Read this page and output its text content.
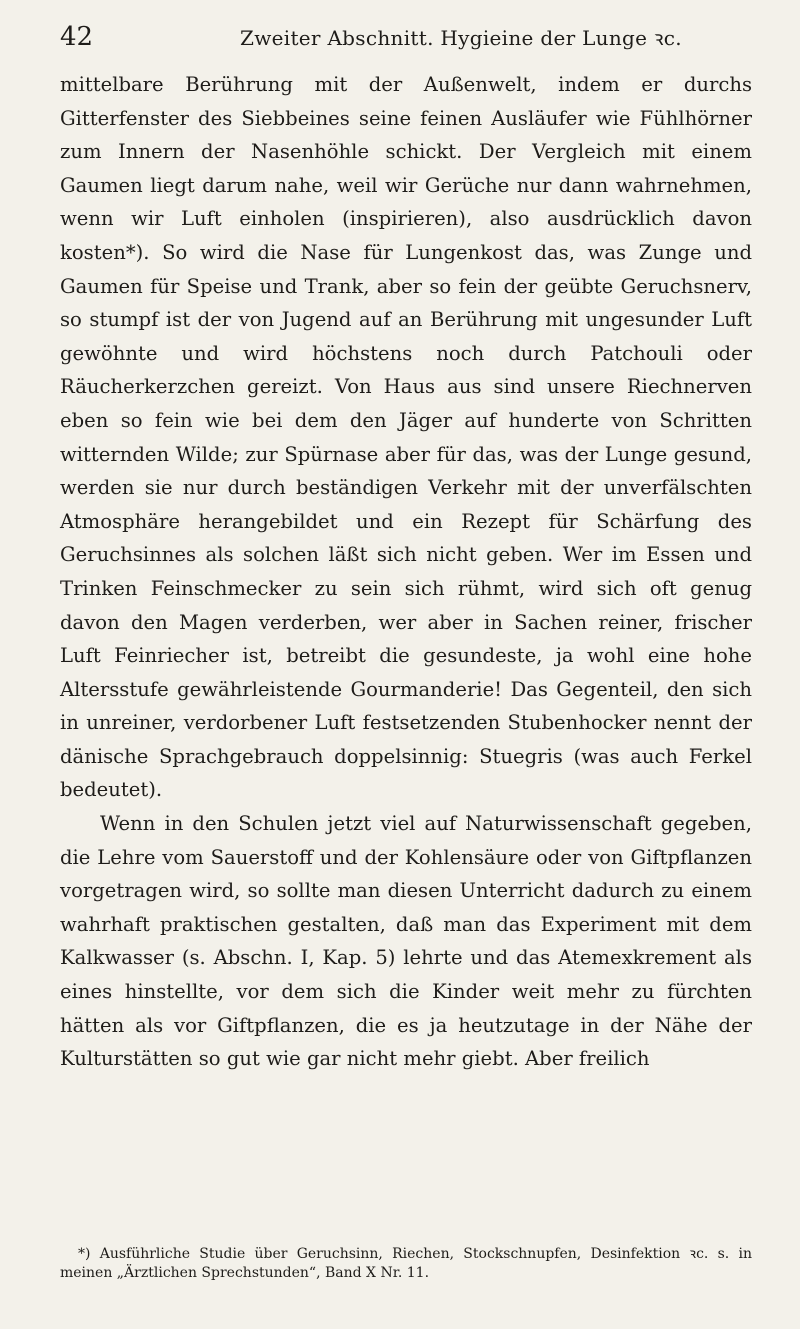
42	Zweiter Abschnitt. Hygieine der Lunge ꝛc.

mittelbare Berührung mit der Außenwelt, indem er durchs Gitterfenster des Siebbeines seine feinen Ausläufer wie Fühlhörner zum Innern der Nasenhöhle schickt. Der Vergleich mit einem Gaumen liegt darum nahe, weil wir Gerüche nur dann wahrnehmen, wenn wir Luft einholen (inspirieren), also ausdrücklich davon kosten*). So wird die Nase für Lungenkost das, was Zunge und Gaumen für Speise und Trank, aber so fein der geübte Geruchsnerv, so stumpf ist der von Jugend auf an Berührung mit ungesunder Luft gewöhnte und wird höchstens noch durch Patchouli oder Räucherkerzchen gereizt. Von Haus aus sind unsere Riechnerven eben so fein wie bei dem den Jäger auf hunderte von Schritten witternden Wilde; zur Spürnase aber für das, was der Lunge gesund, werden sie nur durch beständigen Verkehr mit der unverfälschten Atmosphäre herangebildet und ein Rezept für Schärfung des Geruchsinnes als solchen läßt sich nicht geben. Wer im Essen und Trinken Feinschmecker zu sein sich rühmt, wird sich oft genug davon den Magen verderben, wer aber in Sachen reiner, frischer Luft Feinriecher ist, betreibt die gesundeste, ja wohl eine hohe Altersstufe gewährleistende Gourmanderie! Das Gegenteil, den sich in unreiner, verdorbener Luft festsetzenden Stubenhocker nennt der dänische Sprachgebrauch doppelsinnig: Stuegris (was auch Ferkel bedeutet).

Wenn in den Schulen jetzt viel auf Naturwissenschaft gegeben, die Lehre vom Sauerstoff und der Kohlensäure oder von Giftpflanzen vorgetragen wird, so sollte man diesen Unterricht dadurch zu einem wahrhaft praktischen gestalten, daß man das Experiment mit dem Kalkwasser (s. Abschn. I, Kap. 5) lehrte und das Atemexkrement als eines hinstellte, vor dem sich die Kinder weit mehr zu fürchten hätten als vor Giftpflanzen, die es ja heutzutage in der Nähe der Kulturstätten so gut wie gar nicht mehr giebt. Aber freilich

*) Ausführliche Studie über Geruchsinn, Riechen, Stockschnupfen, Desinfektion ꝛc. s. in meinen „Ärztlichen Sprechstunden“, Band X Nr. 11.
